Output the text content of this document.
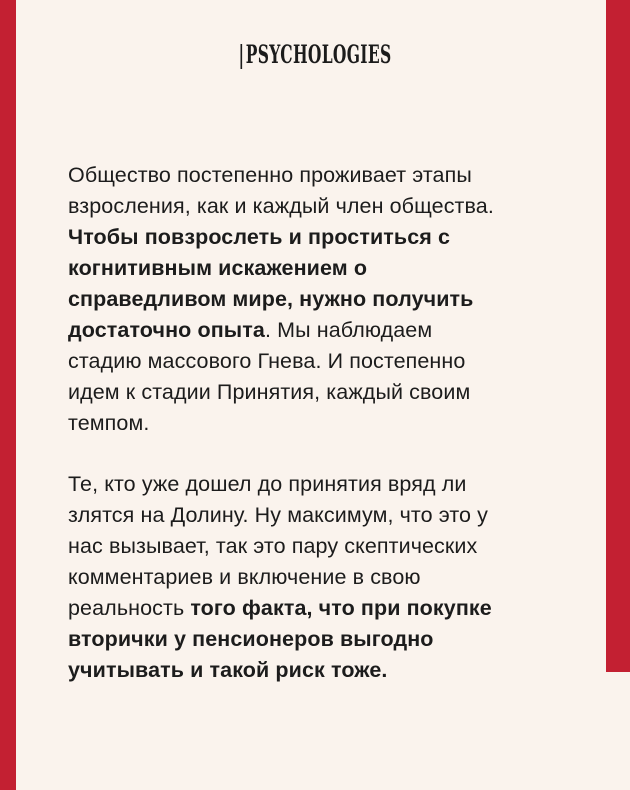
|PSYCHOLOGIES

Общество постепенно проживает этапы взросления, как и каждый член общества. Чтобы повзрослеть и проститься с когнитивным искажением о справедливом мире, нужно получить достаточно опыта. Мы наблюдаем стадию массового Гнева. И постепенно идем к стадии Принятия, каждый своим темпом.

Те, кто уже дошел до принятия вряд ли злятся на Долину. Ну максимум, что это у нас вызывает, так это пару скептических комментариев и включение в свою реальность того факта, что при покупке вторички у пенсионеров выгодно учитывать и такой риск тоже.
